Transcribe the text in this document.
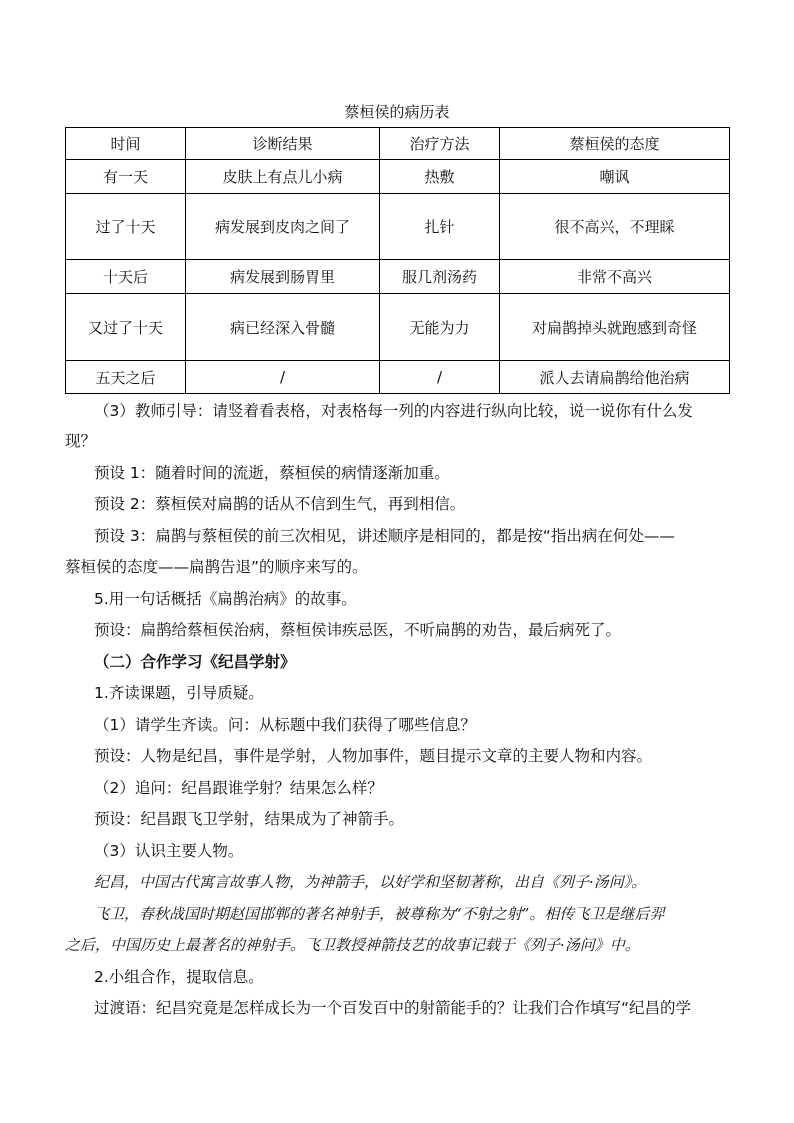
蔡桓侯的病历表
时间	诊断结果	治疗方法	蔡桓侯的态度
有一天	皮肤上有点儿小病	热敷	嘲讽
过了十天	病发展到皮肉之间了	扎针	很不高兴，不理睬
十天后	病发展到肠胃里	服几剂汤药	非常不高兴
又过了十天	病已经深入骨髓	无能为力	对扁鹊掉头就跑感到奇怪
五天之后	/	/	派人去请扁鹊给他治病
（3）教师引导：请竖着看表格，对表格每一列的内容进行纵向比较，说一说你有什么发
现？
预设 1：随着时间的流逝，蔡桓侯的病情逐渐加重。
预设 2：蔡桓侯对扁鹊的话从不信到生气，再到相信。
预设 3：扁鹊与蔡桓侯的前三次相见，讲述顺序是相同的，都是按“指出病在何处——
蔡桓侯的态度——扁鹊告退”的顺序来写的。
5.用一句话概括《扁鹊治病》的故事。
预设：扁鹊给蔡桓侯治病，蔡桓侯讳疾忌医，不听扁鹊的劝告，最后病死了。
（二）合作学习《纪昌学射》
1.齐读课题，引导质疑。
（1）请学生齐读。问：从标题中我们获得了哪些信息？
预设：人物是纪昌，事件是学射，人物加事件，题目提示文章的主要人物和内容。
（2）追问：纪昌跟谁学射？结果怎么样？
预设：纪昌跟飞卫学射，结果成为了神箭手。
（3）认识主要人物。
纪昌，中国古代寓言故事人物，为神箭手，以好学和坚韧著称，出自《列子·汤问》。
飞卫，春秋战国时期赵国邯郸的著名神射手，被尊称为“不射之射”。相传飞卫是继后羿
之后，中国历史上最著名的神射手。飞卫教授神箭技艺的故事记载于《列子·汤问》中。
2.小组合作，提取信息。
过渡语：纪昌究竟是怎样成长为一个百发百中的射箭能手的？让我们合作填写“纪昌的学
